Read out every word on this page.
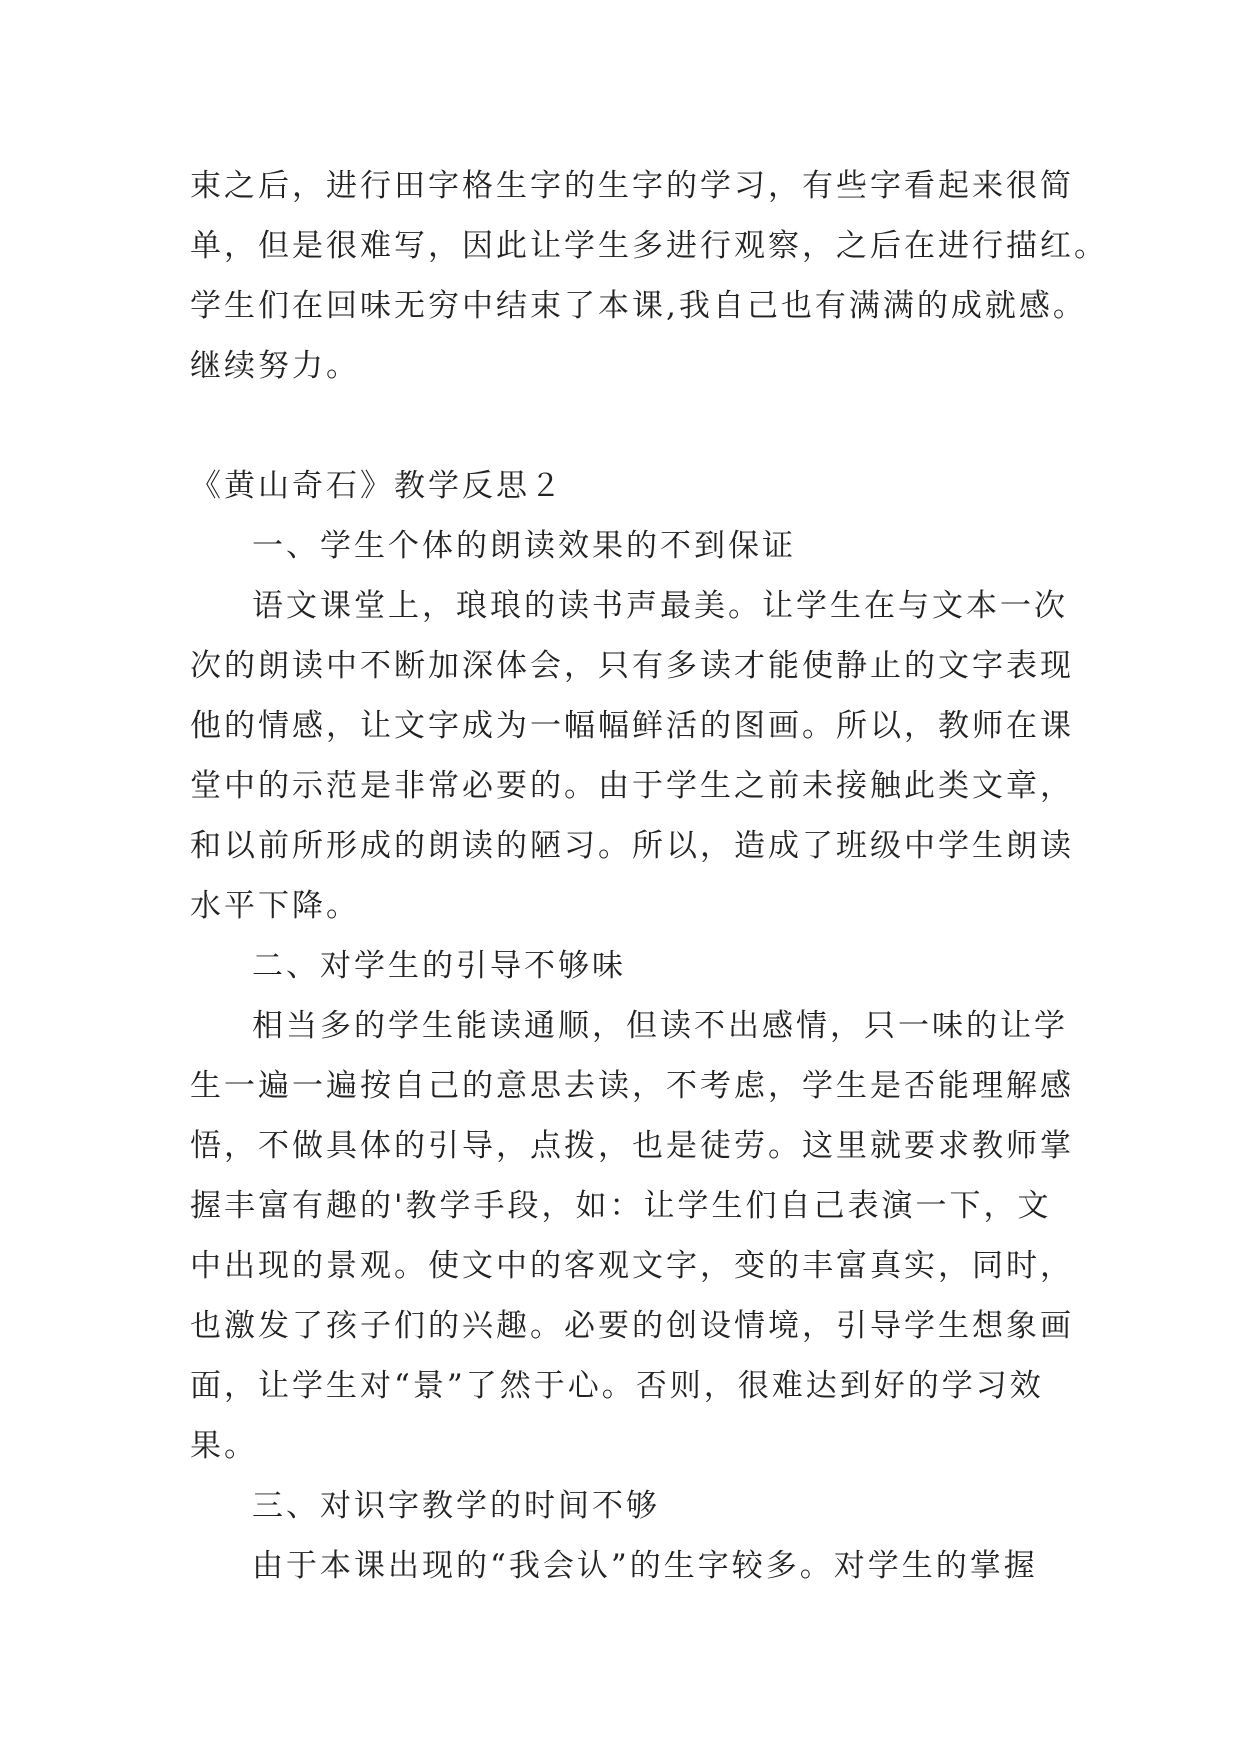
束之后，进行田字格生字的生字的学习，有些字看起来很简
单，但是很难写，因此让学生多进行观察，之后在进行描红。
学生们在回味无穷中结束了本课,我自己也有满满的成就感。
继续努力。
《黄山奇石》教学反思２
一、学生个体的朗读效果的不到保证
语文课堂上，琅琅的读书声最美。让学生在与文本一次
次的朗读中不断加深体会，只有多读才能使静止的文字表现
他的情感，让文字成为一幅幅鲜活的图画。所以，教师在课
堂中的示范是非常必要的。由于学生之前未接触此类文章，
和以前所形成的朗读的陋习。所以，造成了班级中学生朗读
水平下降。
二、对学生的引导不够味
相当多的学生能读通顺，但读不出感情，只一味的让学
生一遍一遍按自己的意思去读，不考虑，学生是否能理解感
悟，不做具体的引导，点拨，也是徒劳。这里就要求教师掌
握丰富有趣的'教学手段，如：让学生们自己表演一下，文
中出现的景观。使文中的客观文字，变的丰富真实，同时，
也激发了孩子们的兴趣。必要的创设情境，引导学生想象画
面，让学生对“景”了然于心。否则，很难达到好的学习效
果。
三、对识字教学的时间不够
由于本课出现的“我会认”的生字较多。对学生的掌握
